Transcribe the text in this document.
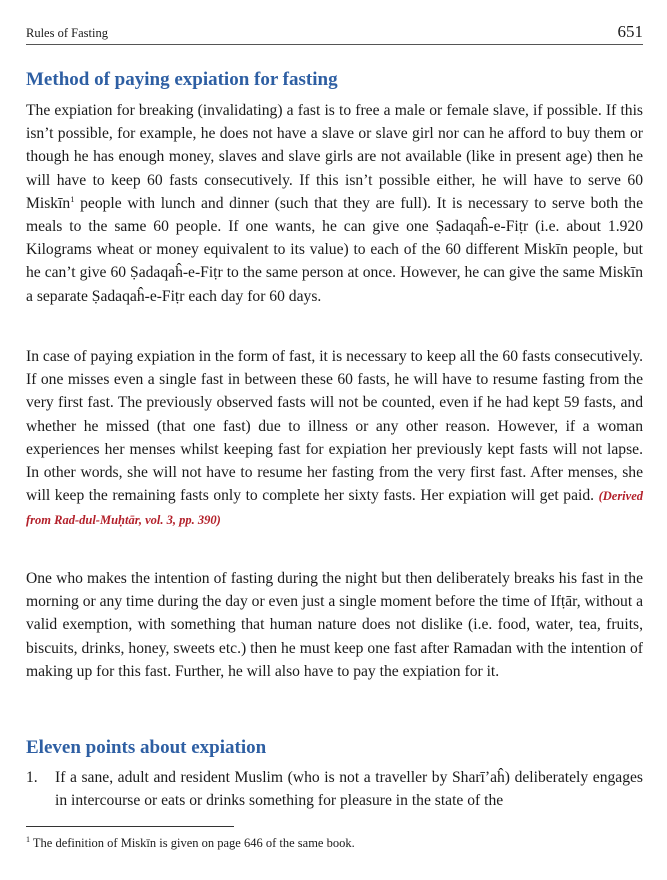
Rules of Fasting	651
Method of paying expiation for fasting

The expiation for breaking (invalidating) a fast is to free a male or female slave, if possible. If this isn’t possible, for example, he does not have a slave or slave girl nor can he afford to buy them or though he has enough money, slaves and slave girls are not available (like in present age) then he will have to keep 60 fasts consecutively. If this isn’t possible either, he will have to serve 60 Miskīn$^1$ people with lunch and dinner (such that they are full). It is necessary to serve both the meals to the same 60 people. If one wants, he can give one Ṣadaqaĥ-e-Fiṭr (i.e. about 1.920 Kilograms wheat or money equivalent to its value) to each of the 60 different Miskīn people, but he can’t give 60 Ṣadaqaĥ-e-Fiṭr to the same person at once. However, he can give the same Miskīn a separate Ṣadaqaĥ-e-Fiṭr each day for 60 days.

In case of paying expiation in the form of fast, it is necessary to keep all the 60 fasts consecutively. If one misses even a single fast in between these 60 fasts, he will have to resume fasting from the very first fast. The previously observed fasts will not be counted, even if he had kept 59 fasts, and whether he missed (that one fast) due to illness or any other reason. However, if a woman experiences her menses whilst keeping fast for expiation her previously kept fasts will not lapse. In other words, she will not have to resume her fasting from the very first fast. After menses, she will keep the remaining fasts only to complete her sixty fasts. Her expiation will get paid. (Derived from Rad-dul-Muḥtār, vol. 3, pp. 390)

One who makes the intention of fasting during the night but then deliberately breaks his fast in the morning or any time during the day or even just a single moment before the time of Ifṭār, without a valid exemption, with something that human nature does not dislike (i.e. food, water, tea, fruits, biscuits, drinks, honey, sweets etc.) then he must keep one fast after Ramadan with the intention of making up for this fast. Further, he will also have to pay the expiation for it.

Eleven points about expiation
1. If a sane, adult and resident Muslim (who is not a traveller by Sharī’aĥ) deliberately engages in intercourse or eats or drinks something for pleasure in the state of the
$^1$ The definition of Miskīn is given on page 646 of the same book.
